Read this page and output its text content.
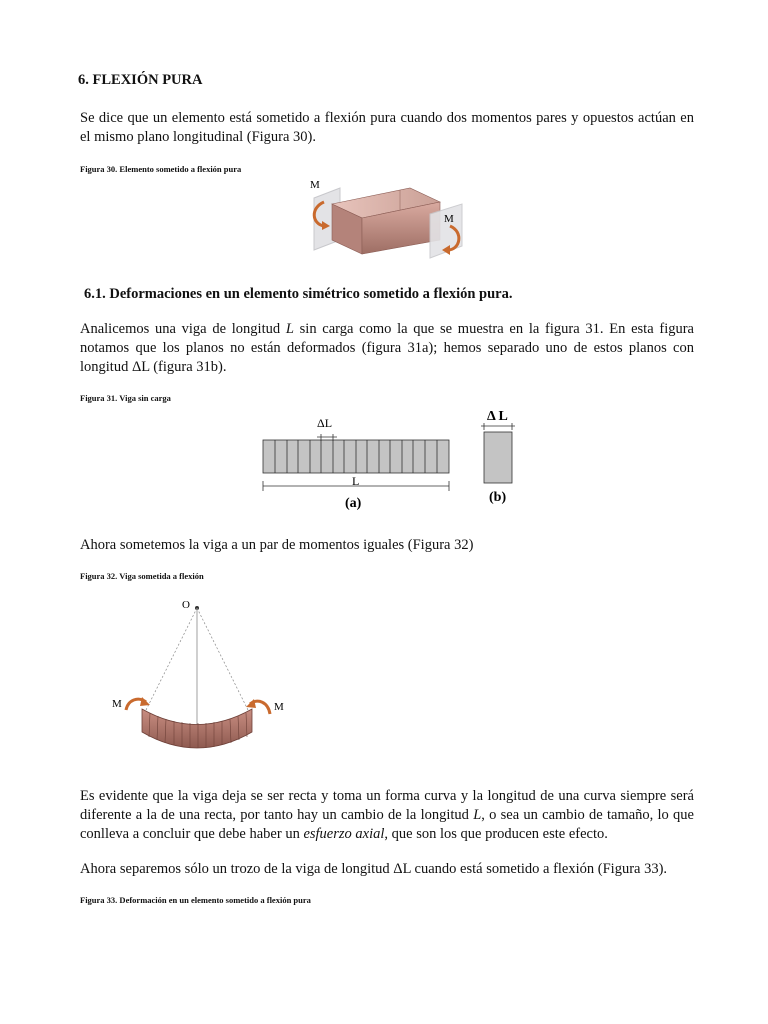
6. FLEXIÓN PURA

Se dice que un elemento está sometido a flexión pura cuando dos momentos pares y opuestos actúan en el mismo plano longitudinal (Figura 30).

Figura 30. Elemento sometido a flexión pura
M
M
6.1. Deformaciones en un elemento simétrico sometido a flexión pura.

Analicemos una viga de longitud L sin carga como la que se muestra en la figura 31. En esta figura notamos que los planos no están deformados (figura 31a); hemos separado uno de estos planos con longitud ΔL (figura 31b).

Figura 31. Viga sin carga
ΔL
L
(a)
Δ L
(b)

Ahora sometemos la viga a un par de momentos iguales (Figura 32)

Figura 32. Viga sometida a flexión
O
M	M

Es evidente que la viga deja se ser recta y toma un forma curva y la longitud de una curva siempre será diferente a la de una recta, por tanto hay un cambio de la longitud L, o sea un cambio de tamaño, lo que conlleva a concluir que debe haber un esfuerzo axial, que son los que producen este efecto.

Ahora separemos sólo un trozo de la viga de longitud ΔL cuando está sometido a flexión (Figura 33).

Figura 33. Deformación en un elemento sometido a flexión pura
